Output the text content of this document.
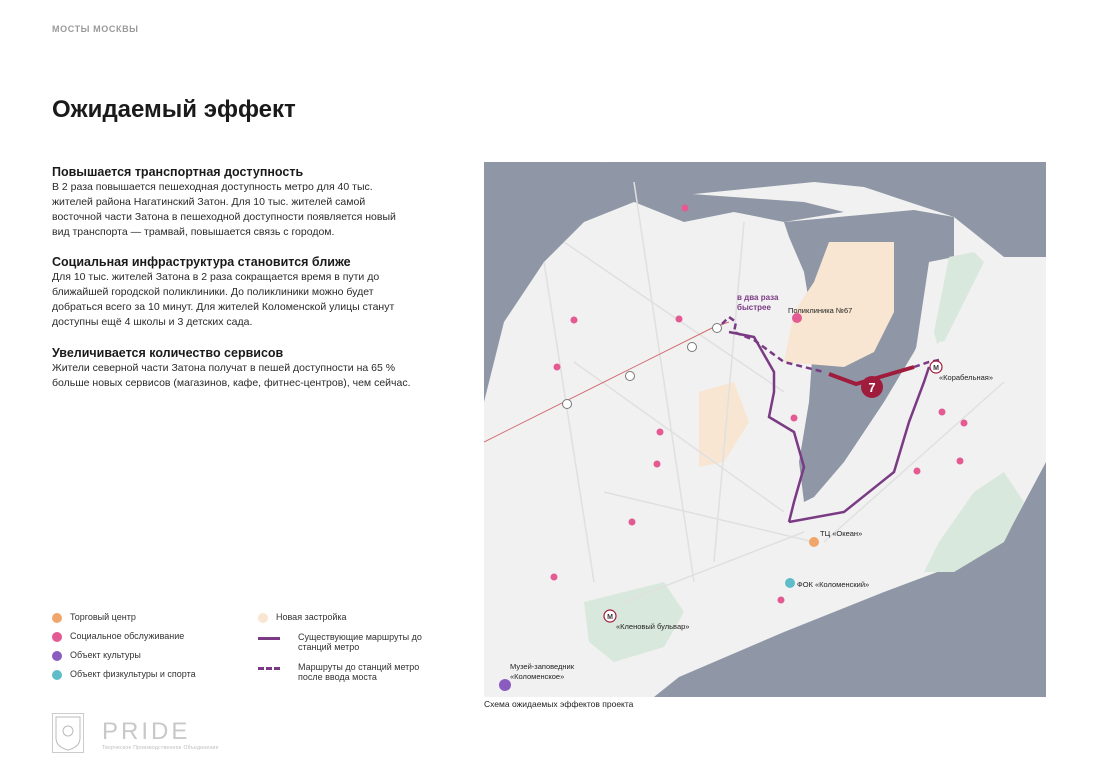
МОСТЫ МОСКВЫ
Ожидаемый эффект
Повышается транспортная доступность

В 2 раза повышается пешеходная доступность метро для 40 тыс. жителей района Нагатинский Затон. Для 10 тыс. жителей самой восточной части Затона в пешеходной доступности появляется новый вид транспорта — трамвай, повышается связь с городом.

Социальная инфраструктура становится ближе

Для 10 тыс. жителей Затона в 2 раза сокращается время в пути до ближайшей городской поликлиники. До поликлиники можно будет добраться всего за 10 минут. Для жителей Коломенской улицы станут доступны ещё 4 школы и 3 детских сада.

Увеличивается количество сервисов

Жители северной части Затона получат в пешей доступности на 65 % больше новых сервисов (магазинов, кафе, фитнес-центров), чем сейчас.

Торговый центр
Социальное обслуживание
Объект культуры
Объект физкультуры и спорта
Новая застройка
Существующие маршруты до станций метро
Маршруты до станций метро после ввода моста
7
М
М
Поликлиника №67
«Корабельная»
ТЦ «Океан»
ФОК «Коломенский»
«Кленовый бульвар»
Музей-заповедник «Коломенское»
в два раза быстрее
Схема ожидаемых эффектов проекта
PRIDE
Творческое Производственное Объединение
